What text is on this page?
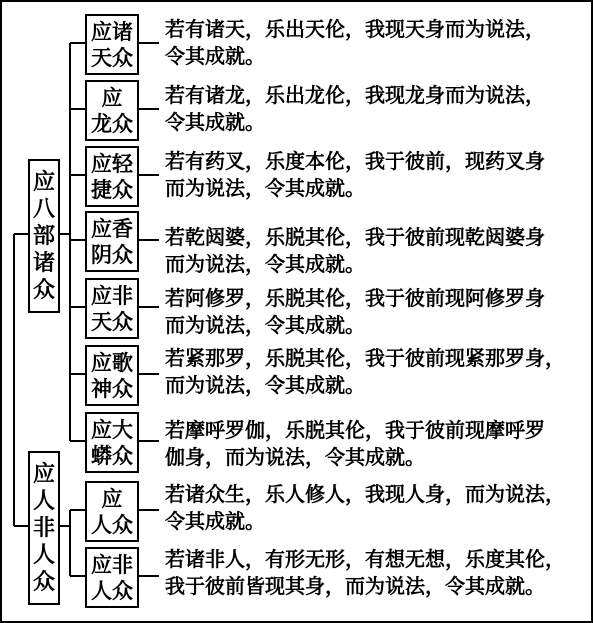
应
八
部
诸
众
应
人
非
人
众
应诸
天众
若有诸天，乐出天伦，我现天身而为说法，
令其成就。
应
龙众
若有诸龙，乐出龙伦，我现龙身而为说法，
令其成就。
应轻
捷众
若有药叉，乐度本伦，我于彼前，现药叉身
而为说法，令其成就。
应香
阴众
若乾闼婆，乐脱其伦，我于彼前现乾闼婆身
而为说法，令其成就。
应非
天众
若阿修罗，乐脱其伦，我于彼前现阿修罗身
而为说法，令其成就。
应歌
神众
若紧那罗，乐脱其伦，我于彼前现紧那罗身，
而为说法，令其成就。
应大
蟒众
若摩呼罗伽，乐脱其伦，我于彼前现摩呼罗
伽身，而为说法，令其成就。
应
人众
若诸众生，乐人修人，我现人身，而为说法，
令其成就。
应非
人众
若诸非人，有形无形，有想无想，乐度其伦，
我于彼前皆现其身，而为说法，令其成就。
